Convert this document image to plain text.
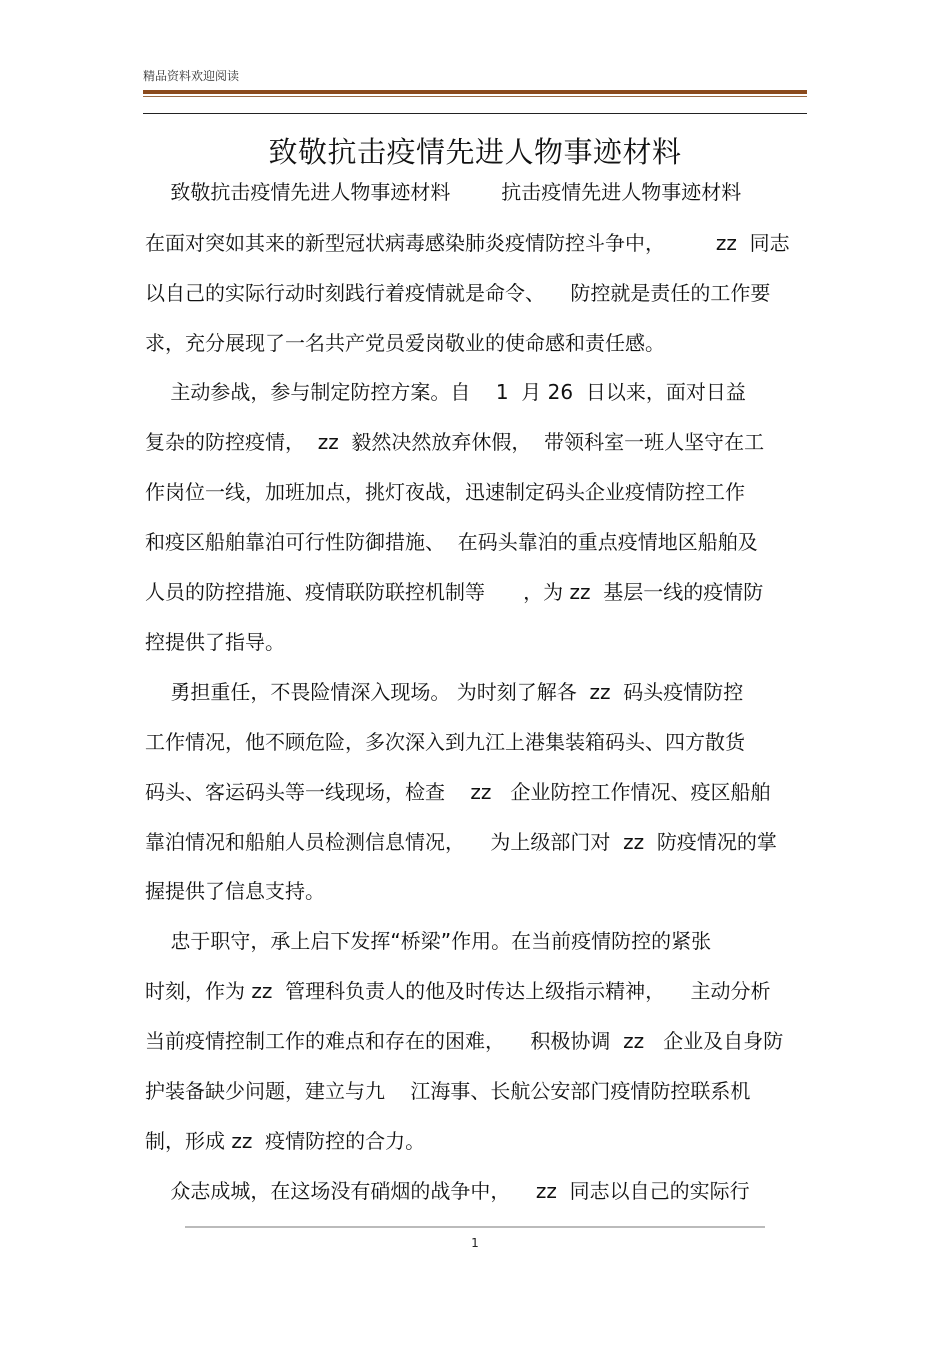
精品资料欢迎阅读
致敬抗击疫情先进人物事迹材料
致敬抗击疫情先进人物事迹材料        抗击疫情先进人物事迹材料
在面对突如其来的新型冠状病毒感染肺炎疫情防控斗争中，        zz  同志
以自己的实际行动时刻践行着疫情就是命令、    防控就是责任的工作要
求，充分展现了一名共产党员爱岗敬业的使命感和责任感。
主动参战，参与制定防控方案。自    1  月 26  日以来，面对日益
复杂的防控疫情，  zz  毅然决然放弃休假，  带领科室一班人坚守在工
作岗位一线，加班加点，挑灯夜战，迅速制定码头企业疫情防控工作
和疫区船舶靠泊可行性防御措施、  在码头靠泊的重点疫情地区船舶及
人员的防控措施、疫情联防联控机制等      ，为 zz  基层一线的疫情防
控提供了指导。
勇担重任，不畏险情深入现场。 为时刻了解各  zz  码头疫情防控
工作情况，他不顾危险，多次深入到九江上港集装箱码头、四方散货
码头、客运码头等一线现场，检查    zz   企业防控工作情况、疫区船舶
靠泊情况和船舶人员检测信息情况，    为上级部门对  zz  防疫情况的掌
握提供了信息支持。
忠于职守，承上启下发挥“桥梁”作用。在当前疫情防控的紧张
时刻，作为 zz  管理科负责人的他及时传达上级指示精神，    主动分析
当前疫情控制工作的难点和存在的困难，    积极协调  zz   企业及自身防
护装备缺少问题，建立与九    江海事、长航公安部门疫情防控联系机
制，形成 zz  疫情防控的合力。
众志成城，在这场没有硝烟的战争中，    zz  同志以自己的实际行
1
